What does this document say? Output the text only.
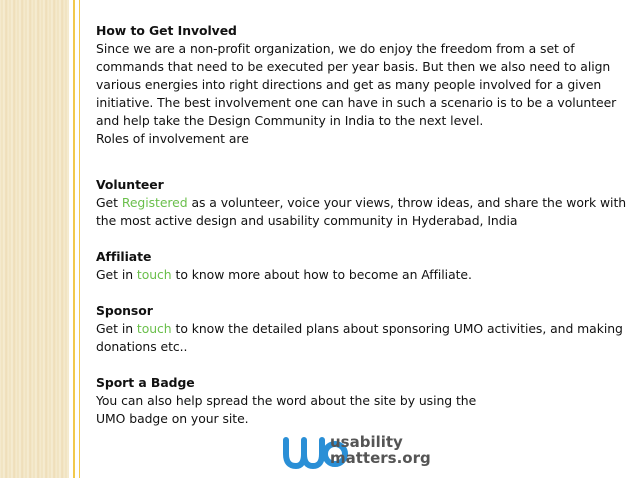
How to Get Involved

Since we are a non-profit organization, we do enjoy the freedom from a set of commands that need to be executed per year basis. But then we also need to align various energies into right directions and get as many people involved for a given initiative. The best involvement one can have in such a scenario is to be a volunteer and help take the Design Community in India to the next level.

Roles of involvement are

Volunteer

Get Registered as a volunteer, voice your views, throw ideas, and share the work with the most active design and usability community in Hyderabad, India

Affiliate

Get in touch to know more about how to become an Affiliate.

Sponsor

Get in touch to know the detailed plans about sponsoring UMO activities, and making donations etc..

Sport a Badge

You can also help spread the word about the site by using the

UMO badge on your site.

usability
matters.org
